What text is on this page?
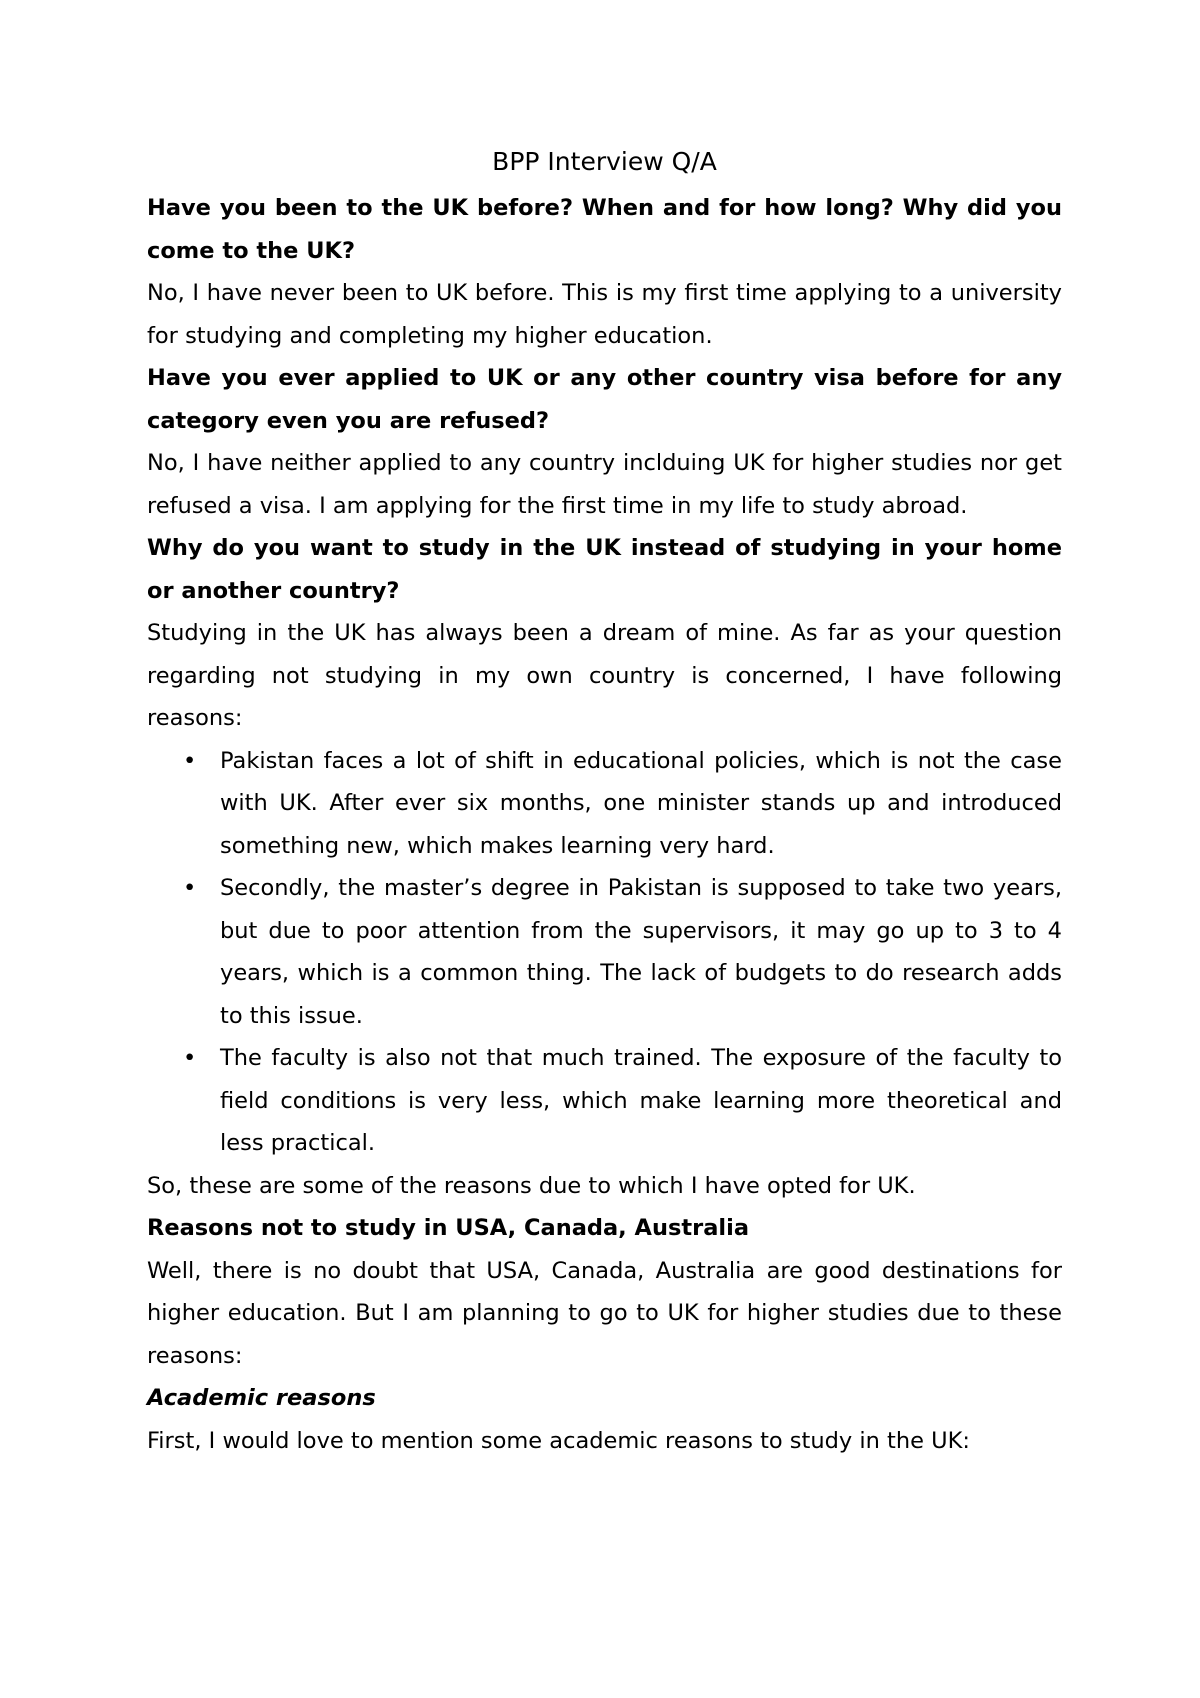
BPP Interview Q/A

Have you been to the UK before? When and for how long? Why did you come to the UK?

No, I have never been to UK before. This is my first time applying to a university for studying and completing my higher education.

Have you ever applied to UK or any other country visa before for any category even you are refused?

No, I have neither applied to any country inclduing UK for higher studies nor get refused a visa. I am applying for the first time in my life to study abroad.

Why do you want to study in the UK instead of studying in your home or another country?

Studying in the UK has always been a dream of mine. As far as your question regarding not studying in my own country is concerned, I have following reasons:

• Pakistan faces a lot of shift in educational policies, which is not the case with UK. After ever six months, one minister stands up and introduced something new, which makes learning very hard.
• Secondly, the master’s degree in Pakistan is supposed to take two years, but due to poor attention from the supervisors, it may go up to 3 to 4 years, which is a common thing. The lack of budgets to do research adds to this issue.
• The faculty is also not that much trained. The exposure of the faculty to field conditions is very less, which make learning more theoretical and less practical.

So, these are some of the reasons due to which I have opted for UK.

Reasons not to study in USA, Canada, Australia

Well, there is no doubt that USA, Canada, Australia are good destinations for higher education. But I am planning to go to UK for higher studies due to these reasons:

Academic reasons

First, I would love to mention some academic reasons to study in the UK:
